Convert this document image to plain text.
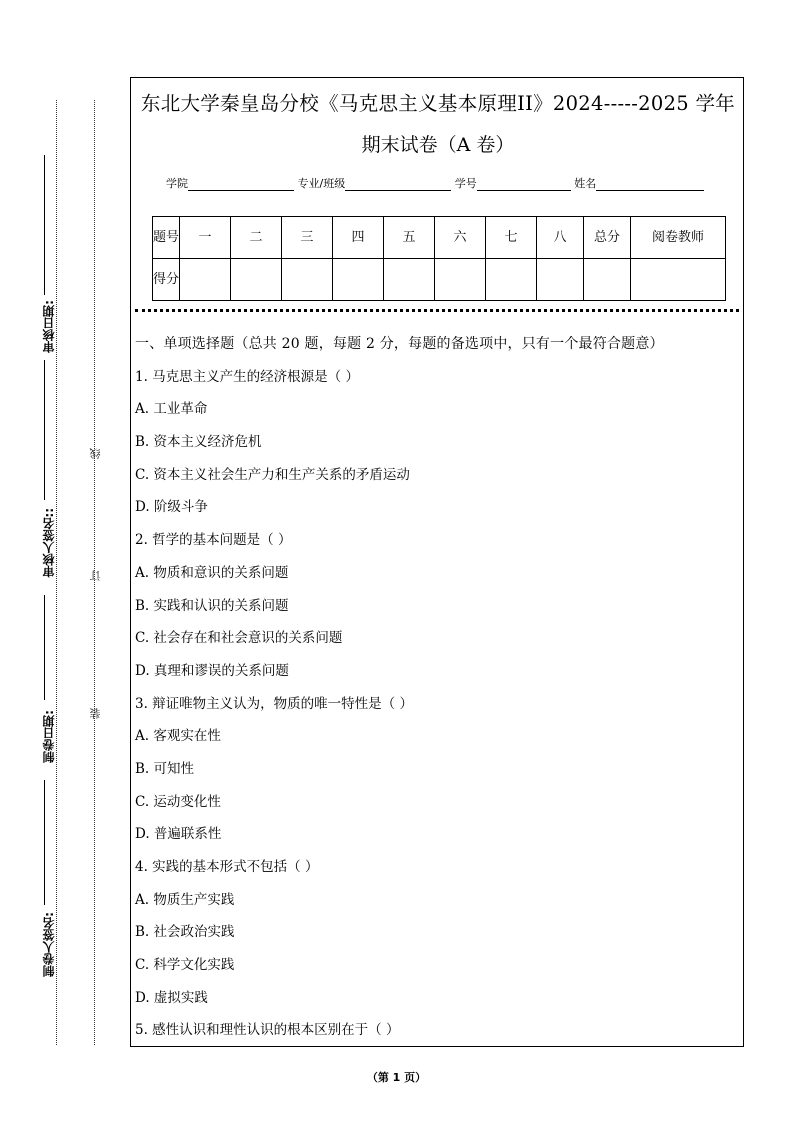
审核日期:
审核人签名::
制卷日期:
制卷人签名:
线
订
装
东北大学秦皇岛分校《马克思主义基本原理II》2024-----2025 学年
期末试卷（A 卷）
学院	专业/班级	学号	姓名
题号	一	二	三	四	五	六	七	八	总分	阅卷教师
得分										
一、单项选择题（总共 20 题，每题 2 分，每题的备选项中，只有一个最符合题意）
1. 马克思主义产生的经济根源是（ ）
A. 工业革命
B. 资本主义经济危机
C. 资本主义社会生产力和生产关系的矛盾运动
D. 阶级斗争
2. 哲学的基本问题是（ ）
A. 物质和意识的关系问题
B. 实践和认识的关系问题
C. 社会存在和社会意识的关系问题
D. 真理和谬误的关系问题
3. 辩证唯物主义认为，物质的唯一特性是（ ）
A. 客观实在性
B. 可知性
C. 运动变化性
D. 普遍联系性
4. 实践的基本形式不包括（ ）
A. 物质生产实践
B. 社会政治实践
C. 科学文化实践
D. 虚拟实践
5. 感性认识和理性认识的根本区别在于（ ）
（第 1 页）
